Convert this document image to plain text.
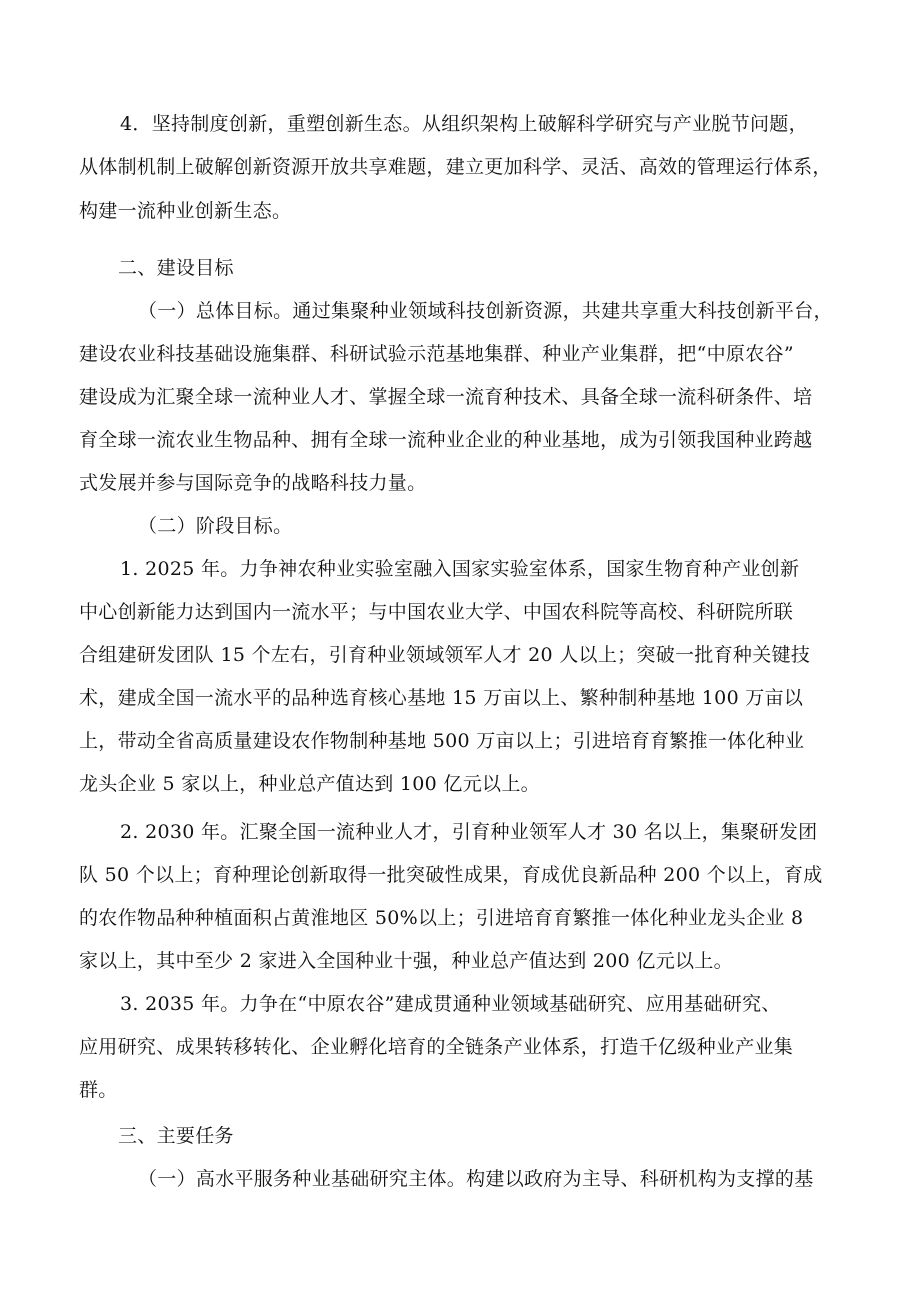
4．坚持制度创新，重塑创新生态。从组织架构上破解科学研究与产业脱节问题，
从体制机制上破解创新资源开放共享难题，建立更加科学、灵活、高效的管理运行体系，
构建一流种业创新生态。
二、建设目标
（一）总体目标。通过集聚种业领域科技创新资源，共建共享重大科技创新平台，
建设农业科技基础设施集群、科研试验示范基地集群、种业产业集群，把“中原农谷”
建设成为汇聚全球一流种业人才、掌握全球一流育种技术、具备全球一流科研条件、培
育全球一流农业生物品种、拥有全球一流种业企业的种业基地，成为引领我国种业跨越
式发展并参与国际竞争的战略科技力量。
（二）阶段目标。
1. 2025 年。力争神农种业实验室融入国家实验室体系，国家生物育种产业创新
中心创新能力达到国内一流水平；与中国农业大学、中国农科院等高校、科研院所联
合组建研发团队 15 个左右，引育种业领域领军人才 20 人以上；突破一批育种关键技
术，建成全国一流水平的品种选育核心基地 15 万亩以上、繁种制种基地 100 万亩以
上，带动全省高质量建设农作物制种基地 500 万亩以上；引进培育育繁推一体化种业
龙头企业 5 家以上，种业总产值达到 100 亿元以上。
2. 2030 年。汇聚全国一流种业人才，引育种业领军人才 30 名以上，集聚研发团
队 50 个以上；育种理论创新取得一批突破性成果，育成优良新品种 200 个以上，育成
的农作物品种种植面积占黄淮地区 50%以上；引进培育育繁推一体化种业龙头企业 8
家以上，其中至少 2 家进入全国种业十强，种业总产值达到 200 亿元以上。
3. 2035 年。力争在“中原农谷”建成贯通种业领域基础研究、应用基础研究、
应用研究、成果转移转化、企业孵化培育的全链条产业体系，打造千亿级种业产业集
群。
三、主要任务
（一）高水平服务种业基础研究主体。构建以政府为主导、科研机构为支撑的基
